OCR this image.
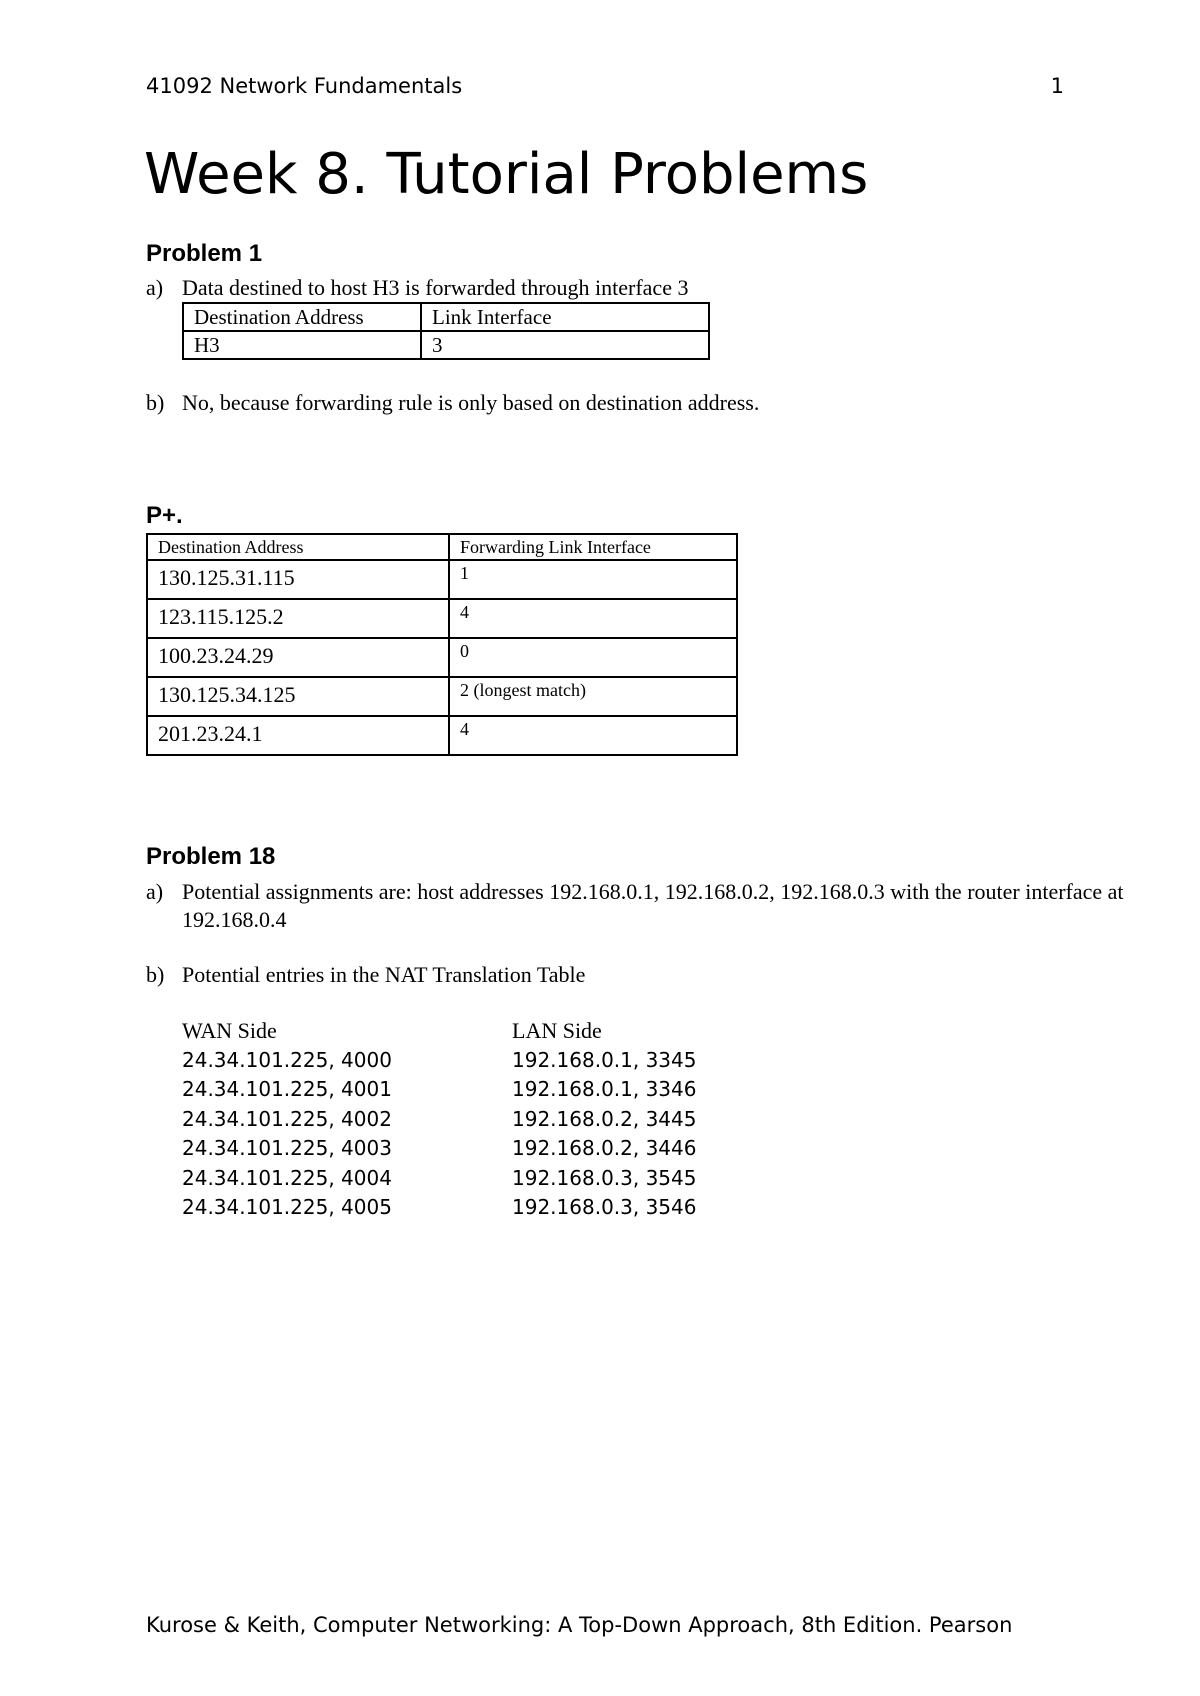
41092 Network Fundamentals	1
Week 8. Tutorial Problems
Problem 1
a) Data destined to host H3 is forwarded through interface 3
Destination Address	Link Interface
H3	3
b) No, because forwarding rule is only based on destination address.
P+.
Destination Address	Forwarding Link Interface
130.125.31.115	1
123.115.125.2	4
100.23.24.29	0
130.125.34.125	2 (longest match)
201.23.24.1	4
Problem 18
a) Potential assignments are: host addresses 192.168.0.1, 192.168.0.2, 192.168.0.3 with the router interface at 192.168.0.4
b) Potential entries in the NAT Translation Table
WAN Side	LAN Side
24.34.101.225, 4000	192.168.0.1, 3345
24.34.101.225, 4001	192.168.0.1, 3346
24.34.101.225, 4002	192.168.0.2, 3445
24.34.101.225, 4003	192.168.0.2, 3446
24.34.101.225, 4004	192.168.0.3, 3545
24.34.101.225, 4005	192.168.0.3, 3546
Kurose & Keith, Computer Networking: A Top-Down Approach, 8th Edition. Pearson
